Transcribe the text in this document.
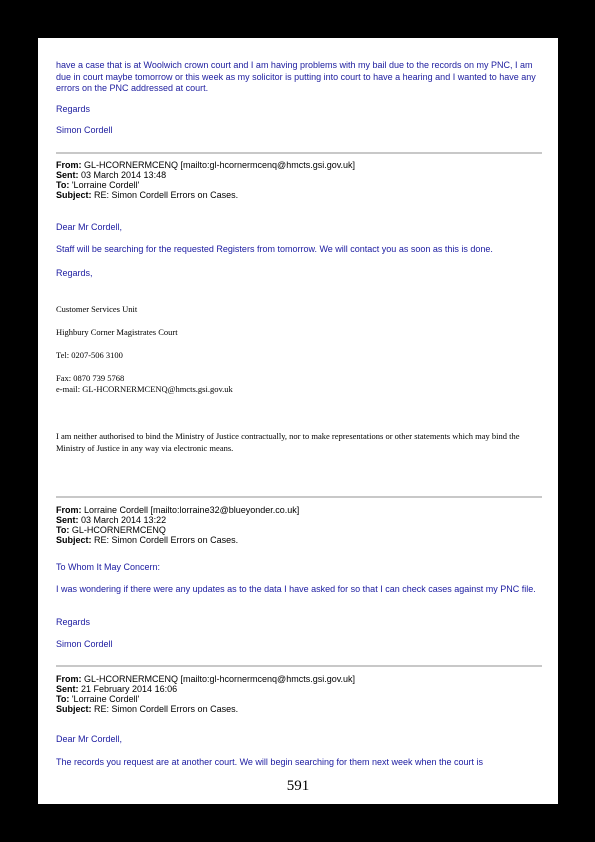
have a case that is at Woolwich crown court and I am having problems with my bail due to the records on my PNC, I am due in court maybe tomorrow or this week as my solicitor is putting into court to have a hearing and I wanted to have any errors on the PNC addressed at court.
Regards
Simon Cordell
From: GL-HCORNERMCENQ [mailto:gl-hcornermcenq@hmcts.gsi.gov.uk]
Sent: 03 March 2014 13:48
To: 'Lorraine Cordell'
Subject: RE: Simon Cordell Errors on Cases.
Dear Mr Cordell,
Staff will be searching for the requested Registers from tomorrow. We will contact you as soon as this is done.
Regards,
Customer Services Unit
Highbury Corner Magistrates Court
Tel: 0207-506 3100
Fax: 0870 739 5768
e-mail: GL-HCORNERMCENQ@hmcts.gsi.gov.uk
I am neither authorised to bind the Ministry of Justice contractually, nor to make representations or other statements which may bind the Ministry of Justice in any way via electronic means.
From: Lorraine Cordell [mailto:lorraine32@blueyonder.co.uk]
Sent: 03 March 2014 13:22
To: GL-HCORNERMCENQ
Subject: RE: Simon Cordell Errors on Cases.
To Whom It May Concern:
I was wondering if there were any updates as to the data I have asked for so that I can check cases against my PNC file.
Regards
Simon Cordell
From: GL-HCORNERMCENQ [mailto:gl-hcornermcenq@hmcts.gsi.gov.uk]
Sent: 21 February 2014 16:06
To: 'Lorraine Cordell'
Subject: RE: Simon Cordell Errors on Cases.
Dear Mr Cordell,
The records you request are at another court. We will begin searching for them next week when the court is
591
